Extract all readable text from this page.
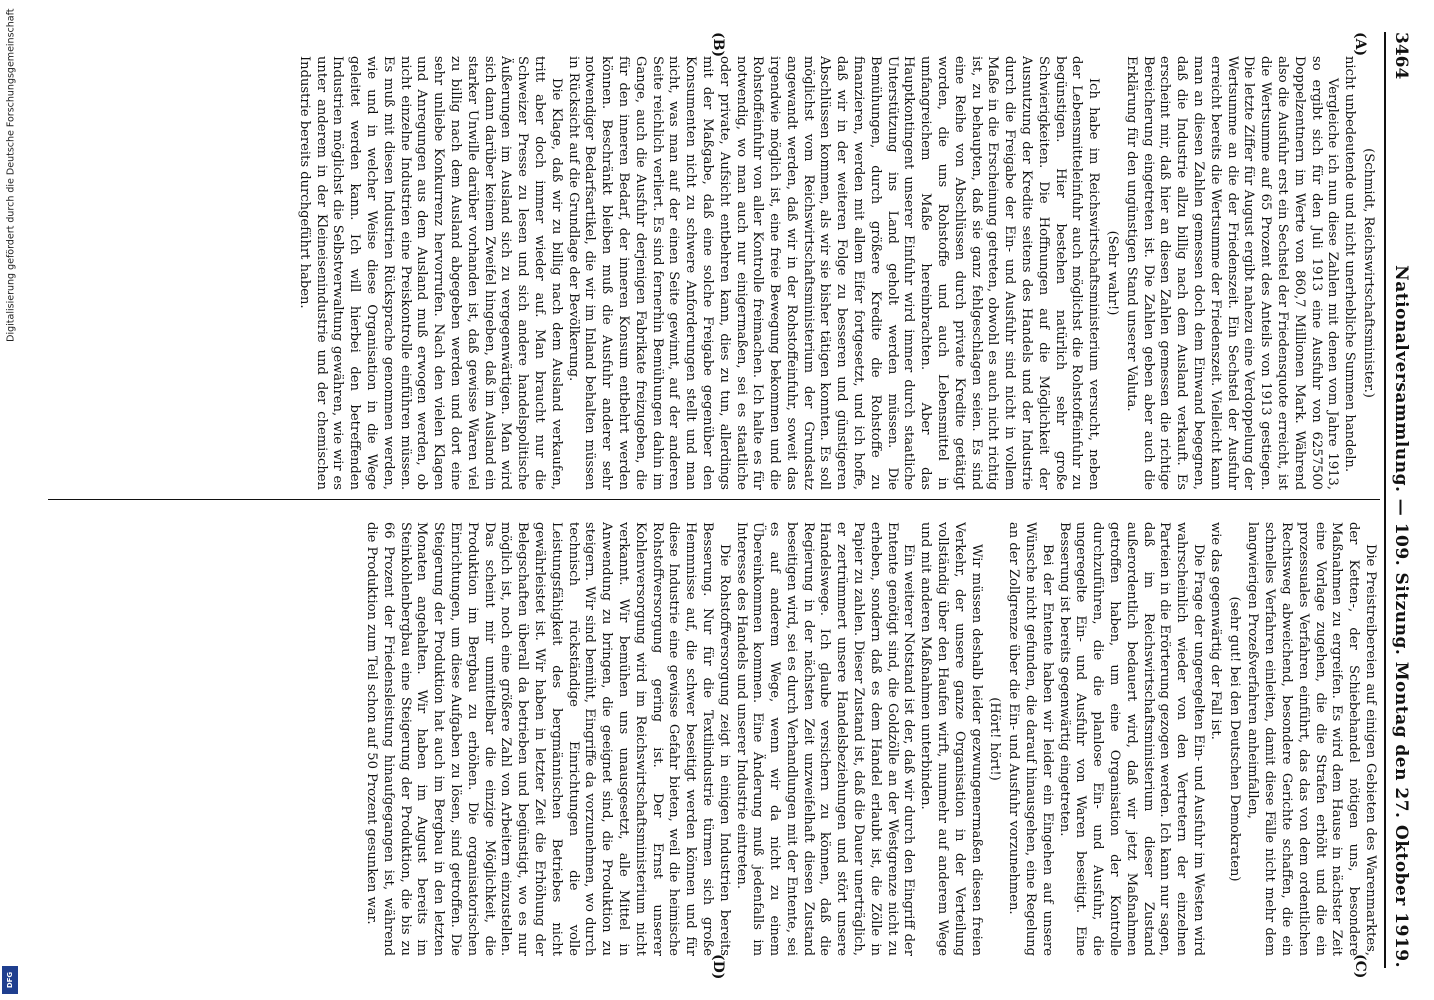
Digitalisierung gefördert durch die Deutsche Forschungsgemeinschaft
DFG
3464
Nationalversammlung. — 109. Sitzung. Montag den 27. Oktober 1919.
(A)
(B)
(C)
(D)

(Schmidt, Reichswirtschaftsminister.)

nicht unbedeutende und nicht unerhebliche Summen handeln.

Vergleiche ich nun diese Zahlen mit denen vom Jahre 1913, so ergibt sich für den Juli 1913 eine Ausfuhr von 6257500 Doppelzentnern im Werte von 860,7 Millionen Mark. Während also die Ausfuhr erst ein Sechstel der Friedensquote erreicht, ist die Wertsumme auf 65 Prozent des Anteils von 1913 gestiegen. Die letzte Ziffer für August ergibt nahezu eine Verdoppelung der Wertsumme an die der Friedenszeit. Ein Sechstel der Ausfuhr erreicht bereits die Wertsumme der Friedenszeit. Vielleicht kann man an diesen Zahlen gemessen doch dem Einwand begegnen, daß die Industrie allzu billig nach dem Ausland verkauft. Es erscheint mir, daß hier an diesen Zahlen gemessen die richtige Bereicherung eingetreten ist. Die Zahlen geben aber auch die Erklärung für den ungünstigen Stand unserer Valuta.

(Sehr wahr!)

Ich habe im Reichswirtschaftsministerium versucht, neben der Lebensmitteleinfuhr auch möglichst die Rohstoffeinfuhr zu begünstigen. Hier bestehen natürlich sehr große Schwierigkeiten. Die Hoffnungen auf die Möglichkeit der Ausnutzung der Kredite seitens des Handels und der Industrie durch die Freigabe der Ein- und Ausfuhr sind nicht in vollem Maße in die Erscheinung getreten, obwohl es auch nicht richtig ist, zu behaupten, daß sie ganz fehlgeschlagen seien. Es sind eine Reihe von Abschlüssen durch private Kredite getätigt worden, die uns Rohstoffe und auch Lebensmittel in umfangreichem Maße hereinbrachten. Aber das Hauptkontingent unserer Einfuhr wird immer durch staatliche Unterstützung ins Land geholt werden müssen. Die Bemühungen, durch größere Kredite die Rohstoffe zu finanzieren, werden mit allem Eifer fortgesetzt, und ich hoffe, daß wir in der weiteren Folge zu besseren und günstigeren Abschlüssen kommen, als wir sie bisher tätigen konnten. Es soll möglichst vom Reichswirtschaftsministerium der Grundsatz angewandt werden, daß wir in der Rohstoffeinfuhr, soweit das irgendwie möglich ist, eine freie Bewegung bekommen und die Rohstoffeinfuhr von aller Kontrolle freimachen. Ich halte es für notwendig, wo man auch nur einigermaßen, sei es staatliche oder private, Aufsicht entbehren kann, dies zu tun, allerdings mit der Maßgabe, daß eine solche Freigabe gegenüber den Konsumenten nicht zu schwere Anforderungen stellt und man nicht, was man auf der einen Seite gewinnt, auf der anderen Seite reichlich verliert. Es sind fernerhin Bemühungen dahin im Gange, auch die Ausfuhr derjenigen Fabrikate freizugeben, die für den inneren Bedarf, der inneren Konsum entbehrt werden können. Beschränkt bleiben muß die Ausfuhr anderer sehr notwendiger Bedarfsartikel, die wir im Inland behalten müssen in Rücksicht auf die Grundlage der Bevölkerung.

Die Klage, daß wir zu billig nach dem Ausland verkaufen, tritt aber doch immer wieder auf. Man braucht nur die Schweizer Presse zu lesen und sich andere handelspolitische Äußerungen im Ausland sich zu vergegenwärtigen. Man wird sich dann darüber keinem Zweifel hingeben, daß im Ausland ein starker Unwille darüber vorhanden ist, daß gewisse Waren viel zu billig nach dem Ausland abgegeben werden und dort eine sehr unliebe Konkurrenz hervorrufen. Nach den vielen Klagen und Anregungen aus dem Ausland muß erwogen werden, ob nicht einzelne Industrien eine Preiskontrolle einführen müssen. Es muß mit diesen Industrien Rücksprache genommen werden, wie und in welcher Weise diese Organisation in die Wege geleitet werden kann. Ich will hierbei den betreffenden Industrien möglichst die Selbstverwaltung gewähren, wie wir es unter anderem in der Kleineisenindustrie und der chemischen Industrie bereits durchgeführt haben.

Die Preistreibereien auf einigen Gebieten des Warenmarktes, der Ketten-, der Schiebehandel nötigen uns, besondere Maßnahmen zu ergreifen. Es wird dem Hause in nächster Zeit eine Vorlage zugehen, die die Strafen erhöht und die ein prozessuales Verfahren einführt, das das von dem ordentlichen Rechtsweg abweichend, besondere Gerichte schaffen, die ein schnelles Verfahren einleiten, damit diese Fälle nicht mehr dem langwierigen Prozeßverfahren anheimfallen,

(sehr gut! bei den Deutschen Demokraten)

wie das gegenwärtig der Fall ist.

Die Frage der ungeregelten Ein- und Ausfuhr im Westen wird wahrscheinlich wieder von den Vertretern der einzelnen Parteien in die Erörterung gezogen werden. Ich kann nur sagen, daß im Reichswirtschaftsministerium dieser Zustand außerordentlich bedauert wird, daß wir jetzt Maßnahmen getroffen haben, um eine Organisation der Kontrolle durchzuführen, die die planlose Ein- und Ausfuhr, die ungeregelte Ein- und Ausfuhr von Waren beseitigt. Eine Besserung ist bereits gegenwärtig eingetreten.

Bei der Entente haben wir leider ein Eingehen auf unsere Wünsche nicht gefunden, die darauf hinausgehen, eine Regelung an der Zollgrenze über die Ein- und Ausfuhr vorzunehmen.

(Hört! hört!)

Wir müssen deshalb leider gezwungenermaßen diesen freien Verkehr, der unsere ganze Organisation in der Verteilung vollständig über den Haufen wirft, nunmehr auf anderem Wege und mit anderen Maßnahmen unterbinden.

Ein weiterer Notstand ist der, daß wir durch den Eingriff der Entente genötigt sind, die Goldzölle an der Westgrenze nicht zu erheben, sondern daß es dem Handel erlaubt ist, die Zölle in Papier zu zahlen. Dieser Zustand ist, daß die Dauer unerträglich, er zertrümmert unsere Handelsbeziehungen und stört unsere Handelswege. Ich glaube versichern zu können, daß die Regierung in der nächsten Zeit unzweifelhaft diesen Zustand beseitigen wird, sei es durch Verhandlungen mit der Entente, sei es auf anderem Wege, wenn wir da nicht zu einem Übereinkommen kommen. Eine Änderung muß jedenfalls im Interesse des Handels und unserer Industrie eintreten.

Die Rohstoffversorgung zeigt in einigen Industrien bereits Besserung. Nur für die Textilindustrie türmen sich große Hemmnisse auf, die schwer beseitigt werden können und für diese Industrie eine gewisse Gefahr bieten, weil die heimische Rohstoffversorgung gering ist. Der Ernst unserer Kohlenversorgung wird im Reichswirtschaftsministerium nicht verkannt. Wir bemühen uns unausgesetzt, alle Mittel in Anwendung zu bringen, die geeignet sind, die Produktion zu steigern. Wir sind bemüht, Eingriffe da vorzunehmen, wo durch technisch rückständige Einrichtungen die volle Leistungsfähigkeit des bergmännischen Betriebes nicht gewährleistet ist. Wir haben in letzter Zeit die Erhöhung der Belegschaften überall da betrieben und begünstigt, wo es nur möglich ist, noch eine größere Zahl von Arbeitern einzustellen. Das scheint mir unmittelbar die einzige Möglichkeit, die Produktion im Bergbau zu erhöhen. Die organisatorischen Einrichtungen, um diese Aufgaben zu lösen, sind getroffen. Die Steigerung der Produktion hat auch im Bergbau in den letzten Monaten angehalten. Wir haben im August bereits im Steinkohlenbergbau eine Steigerung der Produktion, die bis zu 66 Prozent der Friedensleistung hinaufgegangen ist, während die Produktion zum Teil schon auf 50 Prozent gesunken war.
